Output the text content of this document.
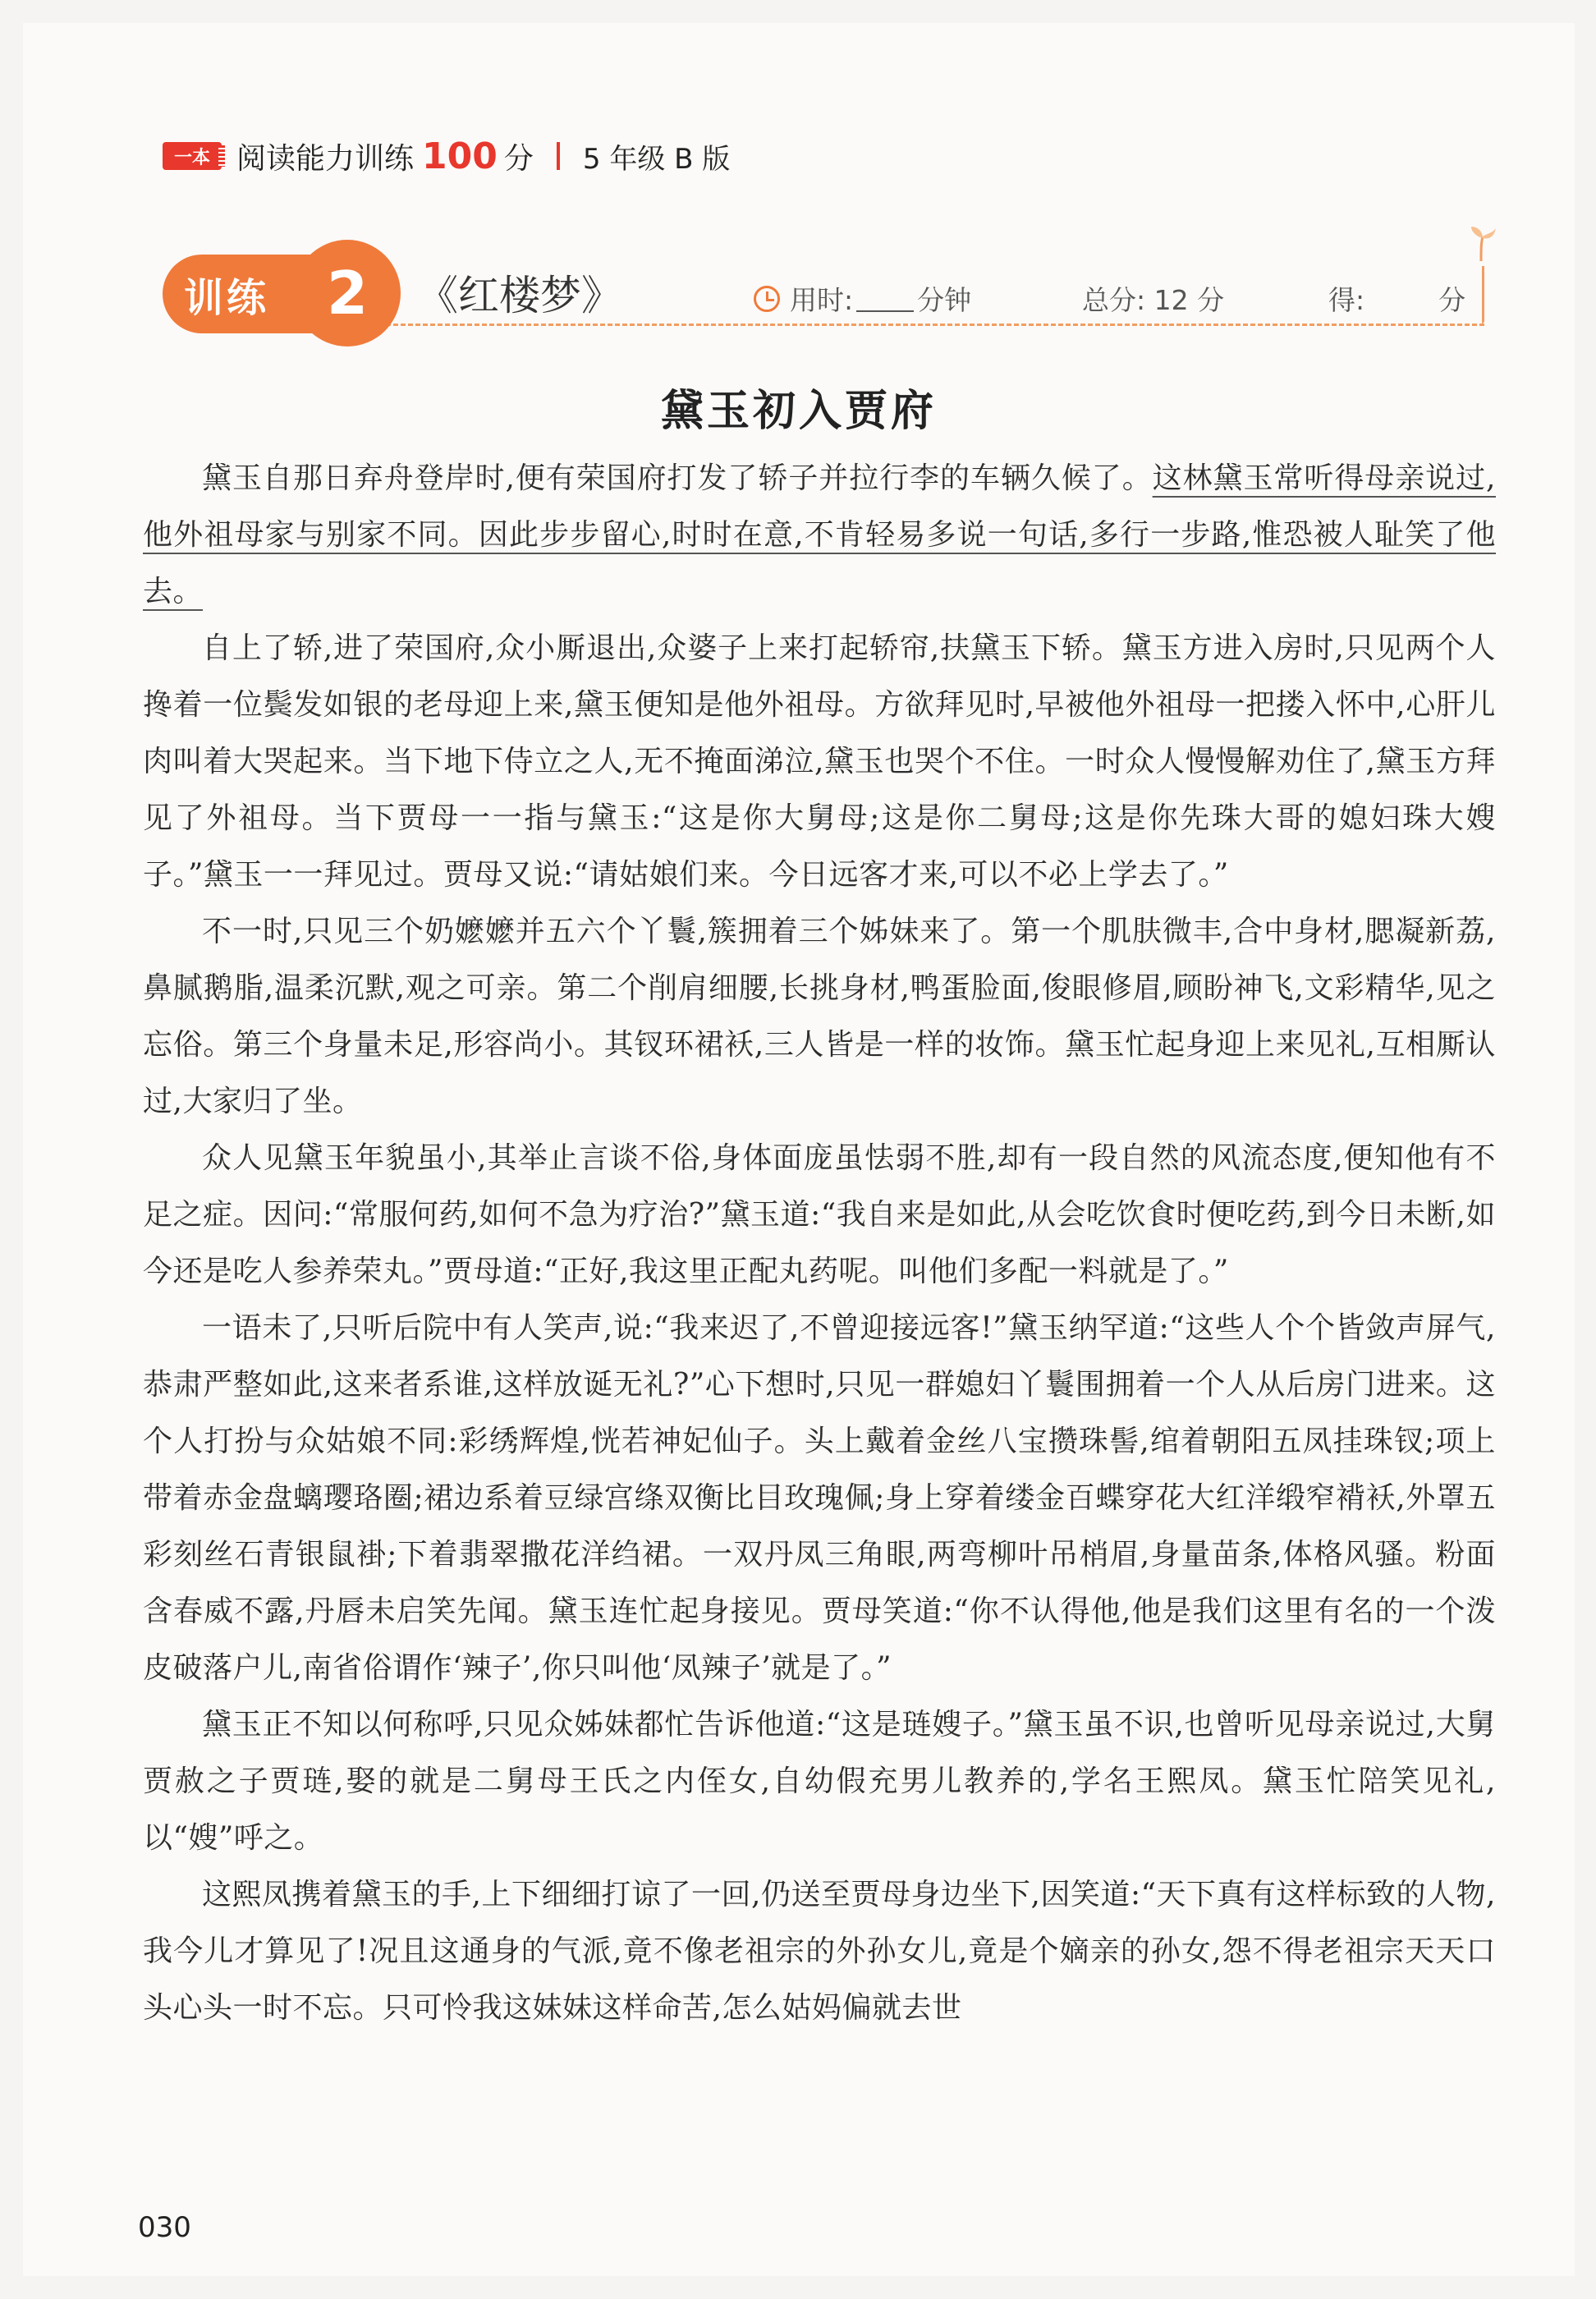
一本 阅读能力训练 100 分 5 年级 B 版
训练 2 《红楼梦》	用时: 分钟	总分: 12 分	得:	分
黛玉初入贾府

黛玉自那日弃舟登岸时,便有荣国府打发了轿子并拉行李的车辆久候了。这林黛玉常听得母亲说过,他外祖母家与别家不同。因此步步留心,时时在意,不肯轻易多说一句话,多行一步路,惟恐被人耻笑了他去。

自上了轿,进了荣国府,众小厮退出,众婆子上来打起轿帘,扶黛玉下轿。黛玉方进入房时,只见两个人搀着一位鬓发如银的老母迎上来,黛玉便知是他外祖母。方欲拜见时,早被他外祖母一把搂入怀中,心肝儿肉叫着大哭起来。当下地下侍立之人,无不掩面涕泣,黛玉也哭个不住。一时众人慢慢解劝住了,黛玉方拜见了外祖母。当下贾母一一指与黛玉:“这是你大舅母;这是你二舅母;这是你先珠大哥的媳妇珠大嫂子。”黛玉一一拜见过。贾母又说:“请姑娘们来。今日远客才来,可以不必上学去了。”

不一时,只见三个奶嬷嬷并五六个丫鬟,簇拥着三个姊妹来了。第一个肌肤微丰,合中身材,腮凝新荔,鼻腻鹅脂,温柔沉默,观之可亲。第二个削肩细腰,长挑身材,鸭蛋脸面,俊眼修眉,顾盼神飞,文彩精华,见之忘俗。第三个身量未足,形容尚小。其钗环裙袄,三人皆是一样的妆饰。黛玉忙起身迎上来见礼,互相厮认过,大家归了坐。

众人见黛玉年貌虽小,其举止言谈不俗,身体面庞虽怯弱不胜,却有一段自然的风流态度,便知他有不足之症。因问:“常服何药,如何不急为疗治?”黛玉道:“我自来是如此,从会吃饮食时便吃药,到今日未断,如今还是吃人参养荣丸。”贾母道:“正好,我这里正配丸药呢。叫他们多配一料就是了。”

一语未了,只听后院中有人笑声,说:“我来迟了,不曾迎接远客!”黛玉纳罕道:“这些人个个皆敛声屏气,恭肃严整如此,这来者系谁,这样放诞无礼?”心下想时,只见一群媳妇丫鬟围拥着一个人从后房门进来。这个人打扮与众姑娘不同:彩绣辉煌,恍若神妃仙子。头上戴着金丝八宝攒珠髻,绾着朝阳五凤挂珠钗;项上带着赤金盘螭璎珞圈;裙边系着豆绿宫绦双衡比目玫瑰佩;身上穿着缕金百蝶穿花大红洋缎窄褙袄,外罩五彩刻丝石青银鼠褂;下着翡翠撒花洋绉裙。一双丹凤三角眼,两弯柳叶吊梢眉,身量苗条,体格风骚。粉面含春威不露,丹唇未启笑先闻。黛玉连忙起身接见。贾母笑道:“你不认得他,他是我们这里有名的一个泼皮破落户儿,南省俗谓作‘辣子’,你只叫他‘凤辣子’就是了。”

黛玉正不知以何称呼,只见众姊妹都忙告诉他道:“这是琏嫂子。”黛玉虽不识,也曾听见母亲说过,大舅贾赦之子贾琏,娶的就是二舅母王氏之内侄女,自幼假充男儿教养的,学名王熙凤。黛玉忙陪笑见礼,以“嫂”呼之。

这熙凤携着黛玉的手,上下细细打谅了一回,仍送至贾母身边坐下,因笑道:“天下真有这样标致的人物,我今儿才算见了!况且这通身的气派,竟不像老祖宗的外孙女儿,竟是个嫡亲的孙女,怨不得老祖宗天天口头心头一时不忘。只可怜我这妹妹这样命苦,怎么姑妈偏就去世

030
